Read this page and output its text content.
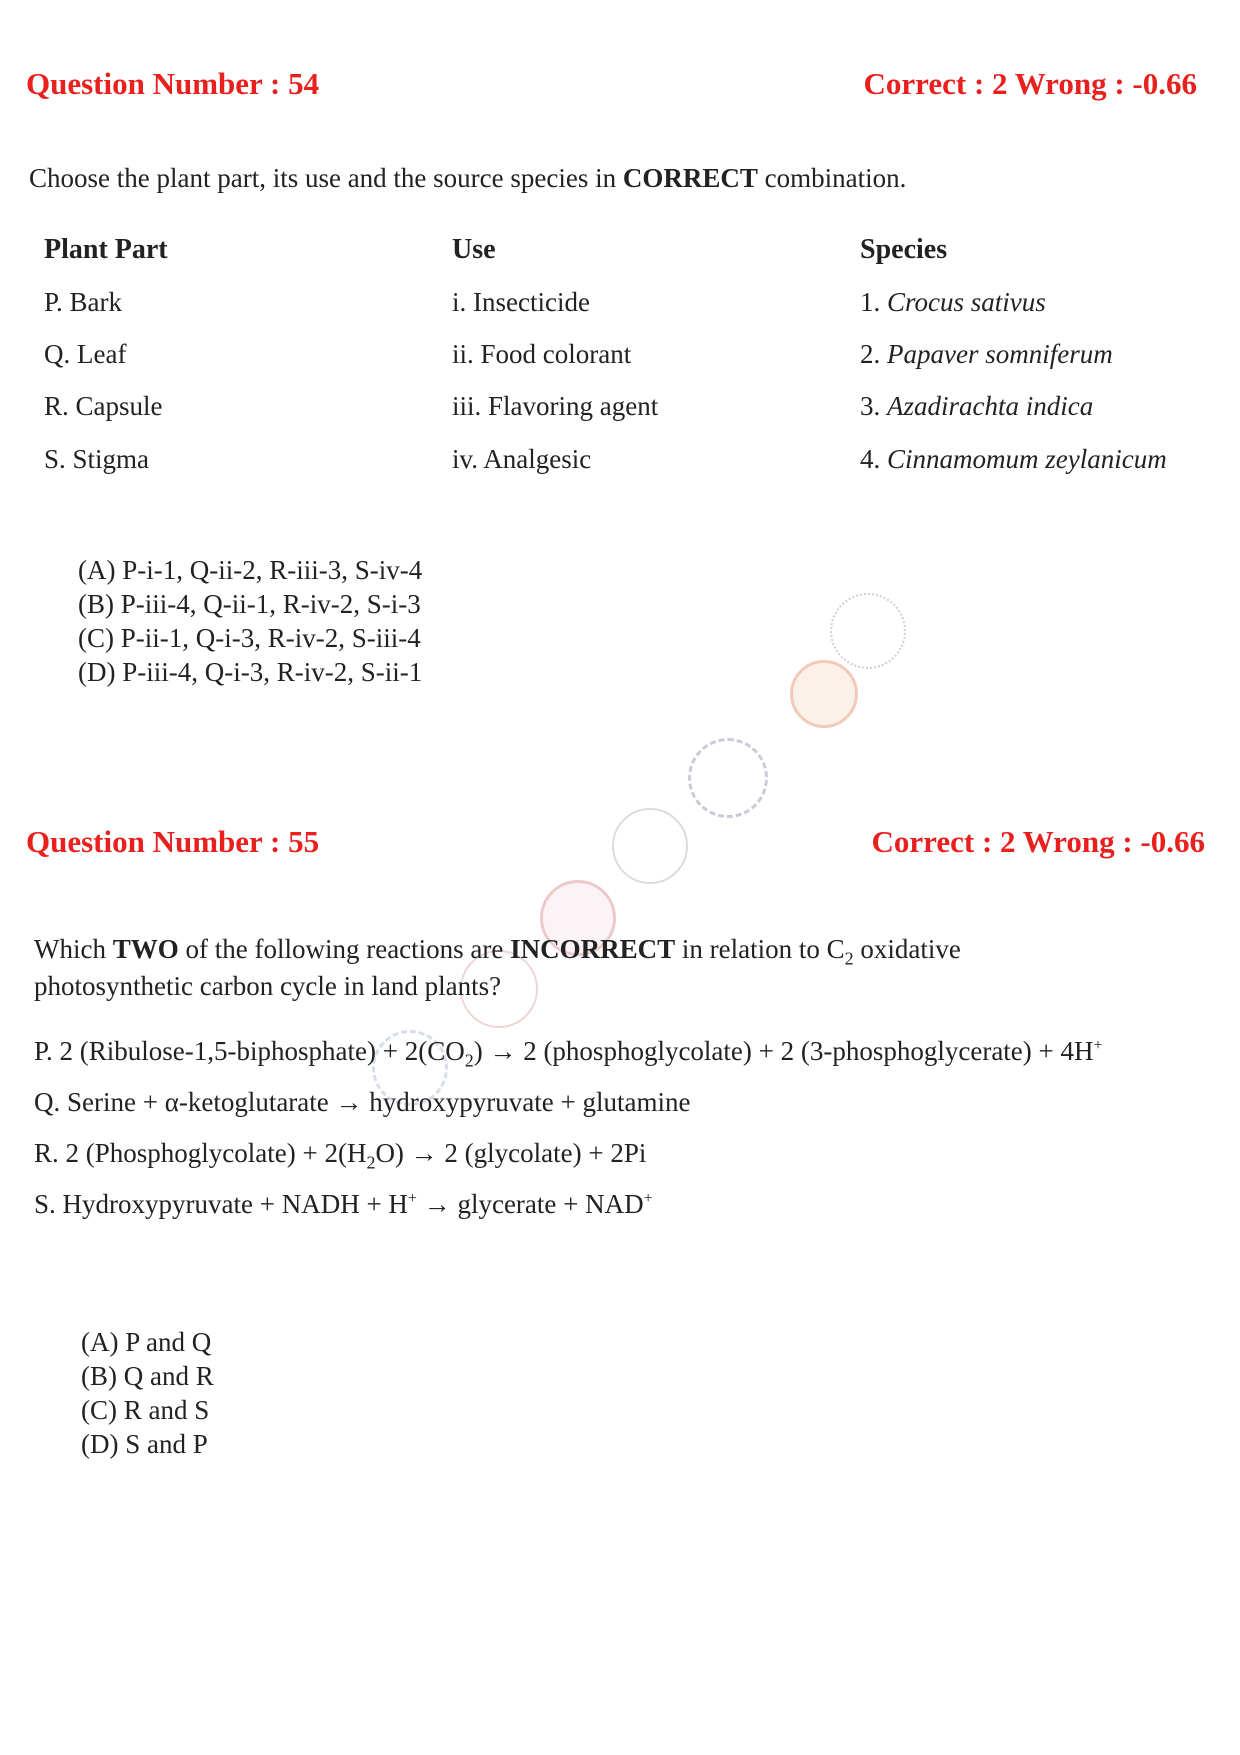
Question Number : 54	Correct : 2 Wrong : -0.66
Choose the plant part, its use and the source species in CORRECT combination.
Plant Part	Use	Species
P. Bark	i. Insecticide	1. Crocus sativus
Q. Leaf	ii. Food colorant	2. Papaver somniferum
R. Capsule	iii. Flavoring agent	3. Azadirachta indica
S. Stigma	iv. Analgesic	4. Cinnamomum zeylanicum
(A) P-i-1, Q-ii-2, R-iii-3, S-iv-4
(B) P-iii-4, Q-ii-1, R-iv-2, S-i-3
(C) P-ii-1, Q-i-3, R-iv-2, S-iii-4
(D) P-iii-4, Q-i-3, R-iv-2, S-ii-1
Question Number : 55	Correct : 2 Wrong : -0.66
Which TWO of the following reactions are INCORRECT in relation to $C_2$ oxidative
photosynthetic carbon cycle in land plants?
P. 2 (Ribulose-1,5-biphosphate) + $2(CO_2) \to 2$ (phosphoglycolate) + 2 (3-phosphoglycerate) + 4H+
Q. Serine + α-ketoglutarate → hydroxypyruvate + glutamine
R. 2 (Phosphoglycolate) + $2(H_2O) \to 2$ (glycolate) + 2Pi
S. Hydroxypyruvate + NADH + H+ → glycerate + NAD+
(A) P and Q
(B) Q and R
(C) R and S
(D) S and P
